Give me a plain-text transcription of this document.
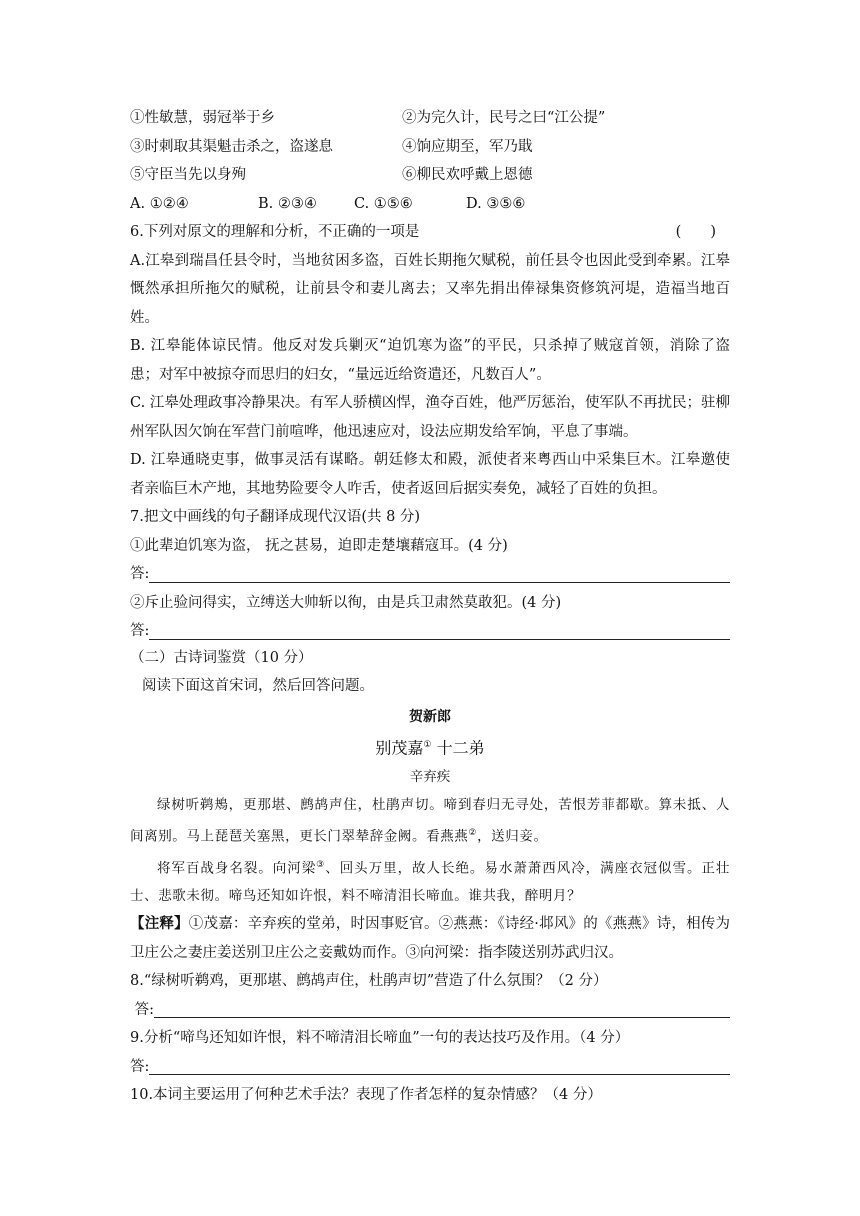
①性敏慧，弱冠举于乡	②为完久计，民号之曰“江公提”
③时刺取其渠魁击杀之，盗遂息	④饷应期至，军乃戢
⑤守臣当先以身殉	⑥柳民欢呼戴上恩德
A. ①②④	B. ②③④	C. ①⑤⑥	D. ③⑤⑥
6.下列对原文的理解和分析，不正确的一项是	(　　)
A.江皋到瑞昌任县令时，当地贫困多盗，百姓长期拖欠赋税，前任县令也因此受到牵累。江皋慨然承担所拖欠的赋税，让前县令和妻儿离去；又率先捐出俸禄集资修筑河堤，造福当地百姓。
B. 江皋能体谅民情。他反对发兵剿灭“迫饥寒为盗”的平民，只杀掉了贼寇首领，消除了盗患；对军中被掠夺而思归的妇女，“量远近给资遣还，凡数百人”。
C. 江皋处理政事冷静果决。有军人骄横凶悍，渔夺百姓，他严厉惩治，使军队不再扰民；驻柳州军队因欠饷在军营门前喧哗，他迅速应对，设法应期发给军饷，平息了事端。
D. 江皋通晓吏事，做事灵活有谋略。朝廷修太和殿，派使者来粤西山中采集巨木。江皋邀使者亲临巨木产地，其地势险要令人咋舌，使者返回后据实奏免，减轻了百姓的负担。
7.把文中画线的句子翻译成现代汉语(共 8 分)
①此辈迫饥寒为盗， 抚之甚易，迫即走楚壤藉寇耳。(4 分)
答:
②斥止验问得实，立缚送大帅斩以徇，由是兵卫肃然莫敢犯。(4 分)
答:
（二）古诗词鉴赏（10 分）
阅读下面这首宋词，然后回答问题。
贺新郎
别茂嘉① 十二弟
辛弃疾
绿树听鹈鴂，更那堪、鹧鸪声住，杜鹃声切。啼到春归无寻处，苦恨芳菲都歇。算未抵、人间离别。马上琵琶关塞黑，更长门翠辇辞金阙。看燕燕②，送归妾。
将军百战身名裂。向河梁③、回头万里，故人长绝。易水萧萧西风冷，满座衣冠似雪。正壮士、悲歌未彻。啼鸟还知如许恨，料不啼清泪长啼血。谁共我，醉明月？
【注释】①茂嘉：辛弃疾的堂弟，时因事贬官。②燕燕：《诗经·邶风》的《燕燕》诗，相传为卫庄公之妻庄姜送别卫庄公之妾戴妫而作。③向河梁：指李陵送别苏武归汉。
8.“绿树听鹈鸡，更那堪、鹧鸪声住，杜鹃声切”营造了什么氛围？（2 分）
答:
9.分析“啼鸟还知如许恨，料不啼清泪长啼血”一句的表达技巧及作用。（4 分）
答:
10.本词主要运用了何种艺术手法？表现了作者怎样的复杂情感？（4 分）
